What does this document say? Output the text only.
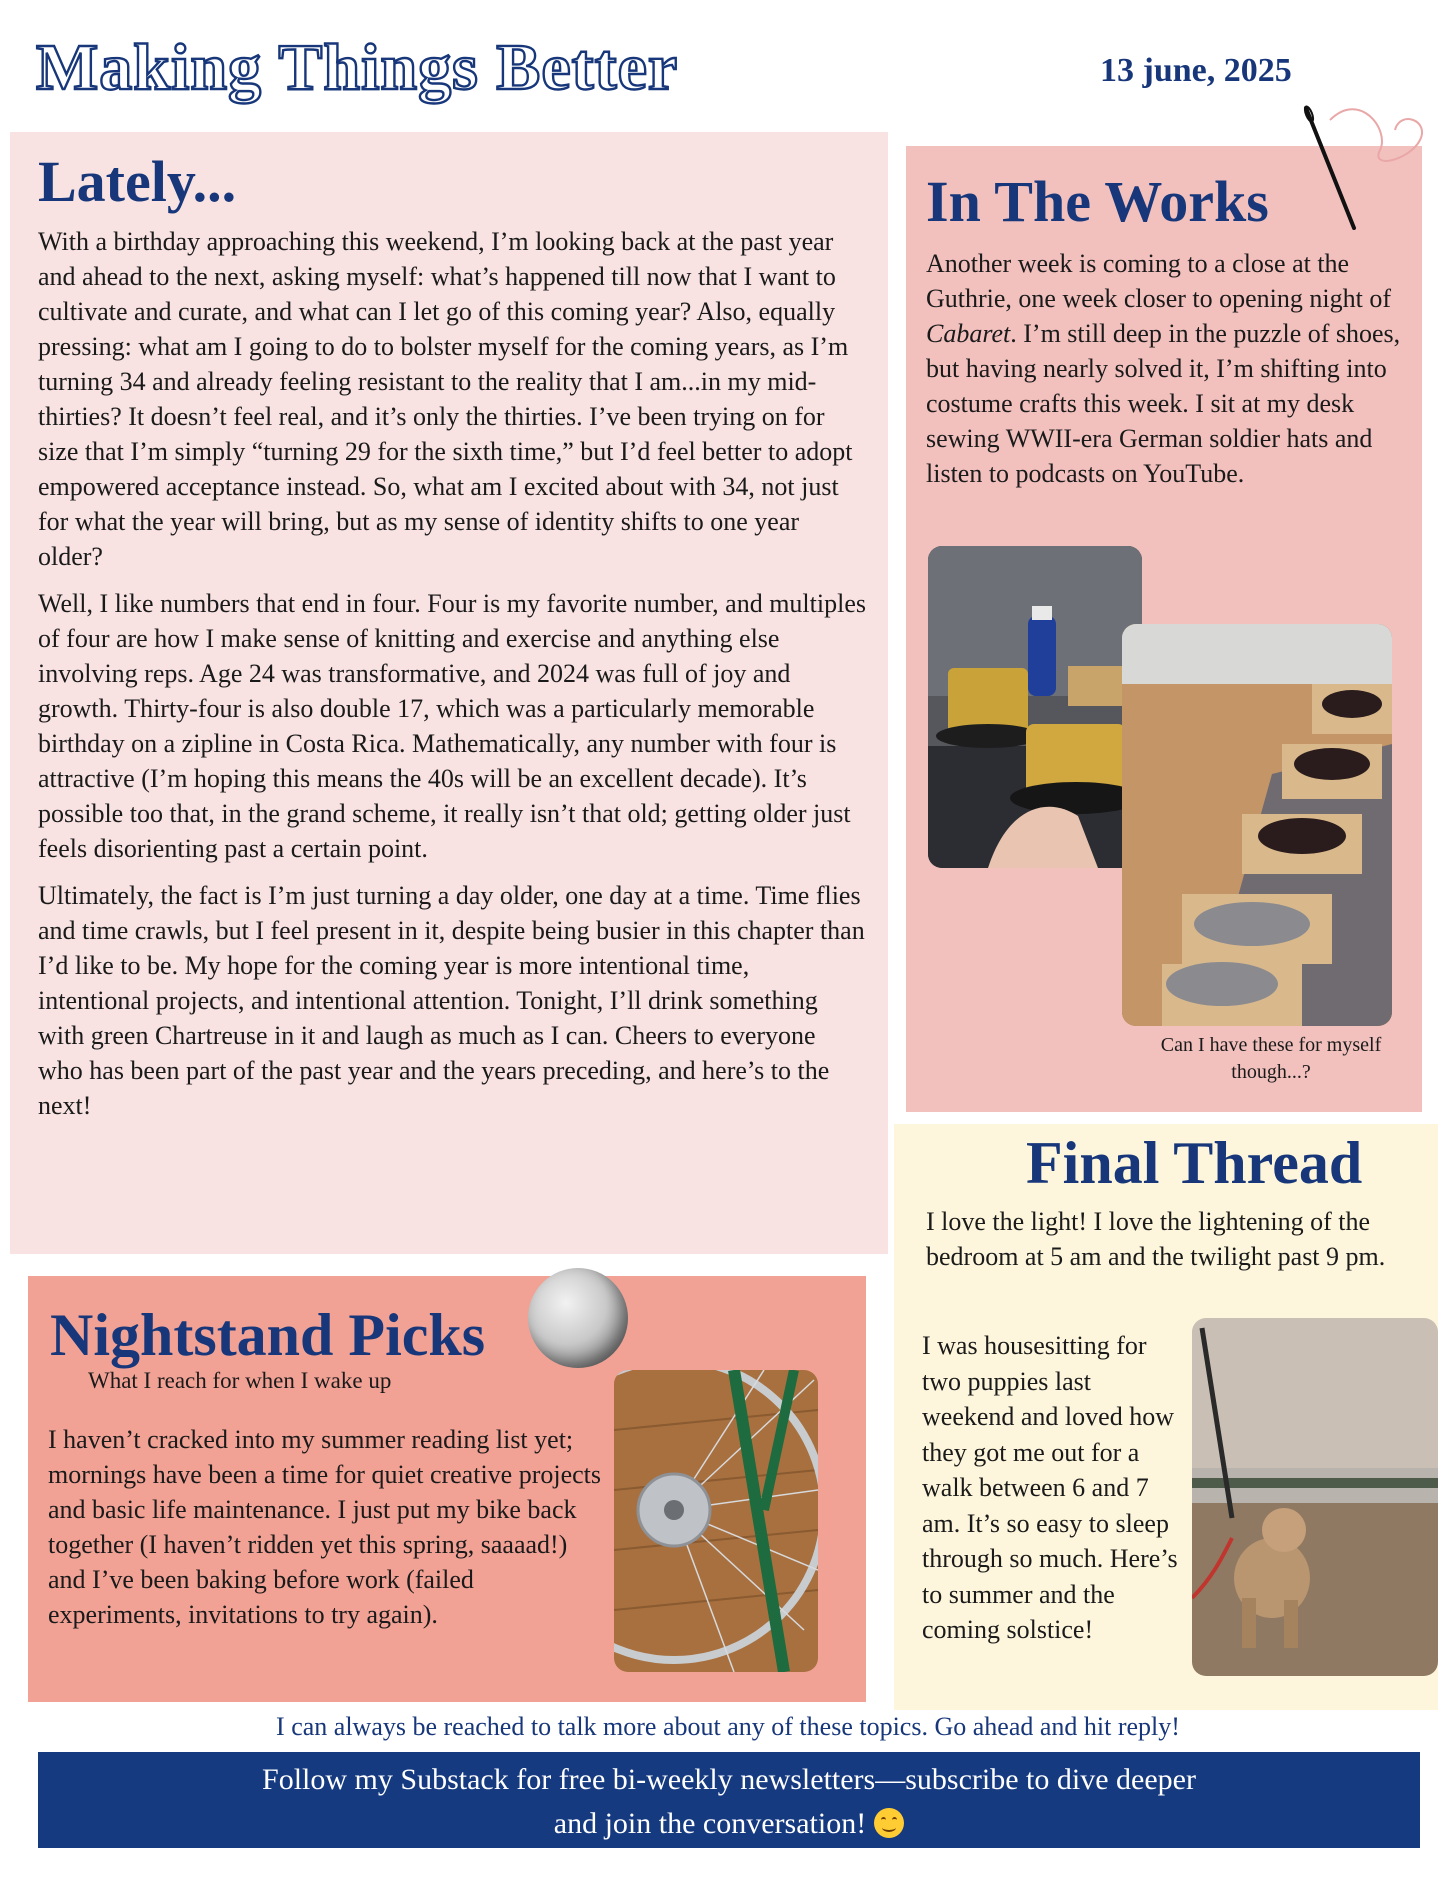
Making Things Better	13 june, 2025
Lately...

With a birthday approaching this weekend, I’m looking back at the past year and ahead to the next, asking myself: what’s happened till now that I want to cultivate and curate, and what can I let go of this coming year? Also, equally pressing: what am I going to do to bolster myself for the coming years, as I’m turning 34 and already feeling resistant to the reality that I am...in my mid-thirties? It doesn’t feel real, and it’s only the thirties. I’ve been trying on for size that I’m simply “turning 29 for the sixth time,” but I’d feel better to adopt empowered acceptance instead. So, what am I excited about with 34, not just for what the year will bring, but as my sense of identity shifts to one year older?

Well, I like numbers that end in four. Four is my favorite number, and multiples of four are how I make sense of knitting and exercise and anything else involving reps. Age 24 was transformative, and 2024 was full of joy and growth. Thirty-four is also double 17, which was a particularly memorable birthday on a zipline in Costa Rica. Mathematically, any number with four is attractive (I’m hoping this means the 40s will be an excellent decade). It’s possible too that, in the grand scheme, it really isn’t that old; getting older just feels disorienting past a certain point.

Ultimately, the fact is I’m just turning a day older, one day at a time. Time flies and time crawls, but I feel present in it, despite being busier in this chapter than I’d like to be. My hope for the coming year is more intentional time, intentional projects, and intentional attention. Tonight, I’ll drink something with green Chartreuse in it and laugh as much as I can. Cheers to everyone who has been part of the past year and the years preceding, and here’s to the next!

In The Works

Another week is coming to a close at the Guthrie, one week closer to opening night of Cabaret. I’m still deep in the puzzle of shoes, but having nearly solved it, I’m shifting into costume crafts this week. I sit at my desk sewing WWII-era German soldier hats and listen to podcasts on YouTube.

Can I have these for myself though...?
Final Thread

I love the light! I love the lightening of the bedroom at 5 am and the twilight past 9 pm.

I was housesitting for two puppies last weekend and loved how they got me out for a walk between 6 and 7 am. It’s so easy to sleep through so much. Here’s to summer and the coming solstice!

Nightstand Picks
What I reach for when I wake up

I haven’t cracked into my summer reading list yet; mornings have been a time for quiet creative projects and basic life maintenance. I just put my bike back together (I haven’t ridden yet this spring, saaaad!) and I’ve been baking before work (failed experiments, invitations to try again).

I can always be reached to talk more about any of these topics. Go ahead and hit reply!
Follow my Substack for free bi-weekly newsletters—subscribe to dive deeper
and join the conversation!
